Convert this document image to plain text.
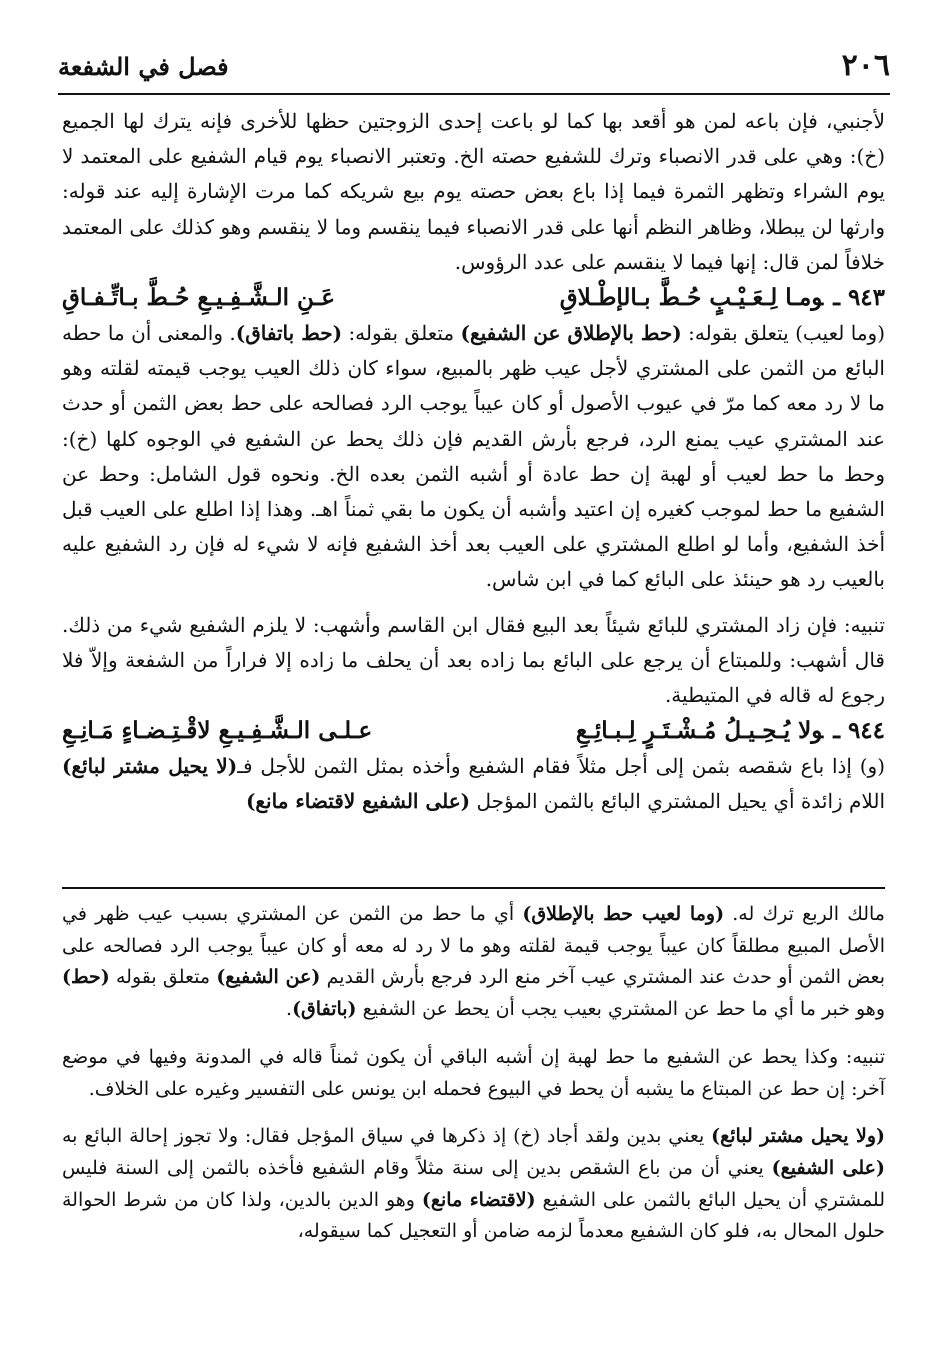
٢٠٦
فصل في الشفعة

لأجنبي، فإن باعه لمن هو أقعد بها كما لو باعت إحدى الزوجتين حظها للأخرى فإنه يترك لها الجميع (خ): وهي على قدر الانصباء وترك للشفيع حصته الخ. وتعتبر الانصباء يوم قيام الشفيع على المعتمد لا يوم الشراء وتظهر الثمرة فيما إذا باع بعض حصته يوم بيع شريكه كما مرت الإشارة إليه عند قوله: وارثها لن يبطلا، وظاهر النظم أنها على قدر الانصباء فيما ينقسم وما لا ينقسم وهو كذلك على المعتمد خلافاً لمن قال: إنها فيما لا ينقسم على عدد الرؤوس.

٩٤٣ ـومـا لِـعَـيْـبٍ حُـطَّ بـالإطْـلاقِ
عَـنِ الـشَّـفِـيـعِ حُـطَّ بـاتِّـفـاقِ

(وما لعيب) يتعلق بقوله: (حط بالإطلاق عن الشفيع) متعلق بقوله: (حط باتفاق). والمعنى أن ما حطه البائع من الثمن على المشتري لأجل عيب ظهر بالمبيع، سواء كان ذلك العيب يوجب قيمته لقلته وهو ما لا رد معه كما مرّ في عيوب الأصول أو كان عيباً يوجب الرد فصالحه على حط بعض الثمن أو حدث عند المشتري عيب يمنع الرد، فرجع بأرش القديم فإن ذلك يحط عن الشفيع في الوجوه كلها (خ): وحط ما حط لعيب أو لهبة إن حط عادة أو أشبه الثمن بعده الخ. ونحوه قول الشامل: وحط عن الشفيع ما حط لموجب كغيره إن اعتيد وأشبه أن يكون ما بقي ثمناً اهـ. وهذا إذا اطلع على العيب قبل أخذ الشفيع، وأما لو اطلع المشتري على العيب بعد أخذ الشفيع فإنه لا شيء له فإن رد الشفيع عليه بالعيب رد هو حينئذ على البائع كما في ابن شاس.

تنبيه: فإن زاد المشتري للبائع شيئاً بعد البيع فقال ابن القاسم وأشهب: لا يلزم الشفيع شيء من ذلك. قال أشهب: وللمبتاع أن يرجع على البائع بما زاده بعد أن يحلف ما زاده إلا فراراً من الشفعة وإلاّ فلا رجوع له قاله في المتيطية.

٩٤٤ ـولا يُـحِـيـلُ مُـشْـتَـرٍ لِـبـائِـعِ
عـلـى الـشَّـفِـيـعِ لاقْـتِـضـاءٍ مَـانِـعِ

(و) إذا باع شقصه بثمن إلى أجل مثلاً فقام الشفيع وأخذه بمثل الثمن للأجل فـ(لا يحيل مشتر لبائع) اللام زائدة أي يحيل المشتري البائع بالثمن المؤجل (على الشفيع لاقتضاء مانع)

مالك الربع ترك له. (وما لعيب حط بالإطلاق) أي ما حط من الثمن عن المشتري بسبب عيب ظهر في الأصل المبيع مطلقاً كان عيباً يوجب قيمة لقلته وهو ما لا رد له معه أو كان عيباً يوجب الرد فصالحه على بعض الثمن أو حدث عند المشتري عيب آخر منع الرد فرجع بأرش القديم (عن الشفيع) متعلق بقوله (حط) وهو خبر ما أي ما حط عن المشتري بعيب يجب أن يحط عن الشفيع (باتفاق).

تنبيه: وكذا يحط عن الشفيع ما حط لهبة إن أشبه الباقي أن يكون ثمناً قاله في المدونة وفيها في موضع آخر: إن حط عن المبتاع ما يشبه أن يحط في البيوع فحمله ابن يونس على التفسير وغيره على الخلاف.

(ولا يحيل مشتر لبائع) يعني بدين ولقد أجاد (خ) إذ ذكرها في سياق المؤجل فقال: ولا تجوز إحالة البائع به (على الشفيع) يعني أن من باع الشقص بدين إلى سنة مثلاً وقام الشفيع فأخذه بالثمن إلى السنة فليس للمشتري أن يحيل البائع بالثمن على الشفيع (لاقتضاء مانع) وهو الدين بالدين، ولذا كان من شرط الحوالة حلول المحال به، فلو كان الشفيع معدماً لزمه ضامن أو التعجيل كما سيقوله،
